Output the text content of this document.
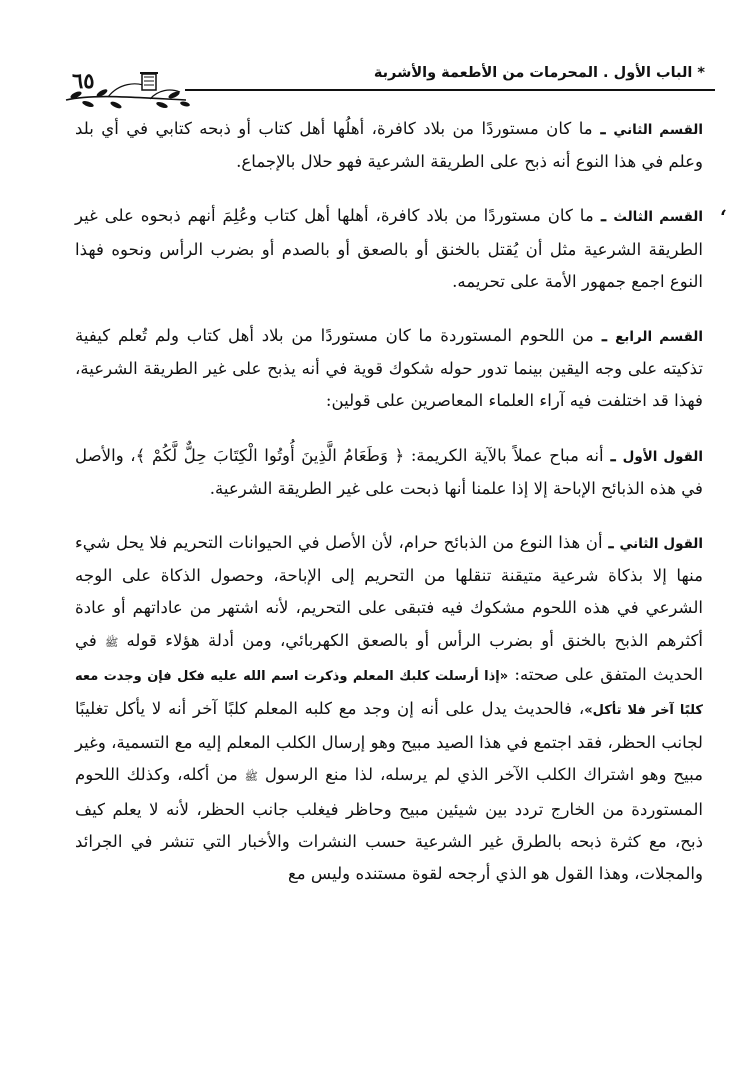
* الباب الأول . المحرمات من الأطعمة والأشربة
٦٥
‘

القسم الثاني ـ ما كان مستوردًا من بلاد كافرة، أهلُها أهل كتاب أو ذبحه كتابي في أي بلد وعلم في هذا النوع أنه ذبح على الطريقة الشرعية فهو حلال بالإجماع.

القسم الثالث ـ ما كان مستوردًا من بلاد كافرة، أهلها أهل كتاب وعُلِمَ أنهم ذبحوه على غير الطريقة الشرعية مثل أن يُقتل بالخنق أو بالصعق أو بالصدم أو بضرب الرأس ونحوه فهذا النوع اجمع جمهور الأمة على تحريمه.

القسم الرابع ـ من اللحوم المستوردة ما كان مستوردًا من بلاد أهل كتاب ولم تُعلم كيفية تذكيته على وجه اليقين بينما تدور حوله شكوك قوية في أنه يذبح على غير الطريقة الشرعية، فهذا قد اختلفت فيه آراء العلماء المعاصرين على قولين:

القول الأول ـ أنه مباح عملاً بالآية الكريمة: ﴿ وَطَعَامُ الَّذِينَ أُوتُوا الْكِتَابَ حِلٌّ لَّكُمْ ﴾، والأصل في هذه الذبائح الإباحة إلا إذا علمنا أنها ذبحت على غير الطريقة الشرعية.

القول الثاني ـ أن هذا النوع من الذبائح حرام، لأن الأصل في الحيوانات التحريم فلا يحل شيء منها إلا بذكاة شرعية متيقنة تنقلها من التحريم إلى الإباحة، وحصول الذكاة على الوجه الشرعي في هذه اللحوم مشكوك فيه فتبقى على التحريم، لأنه اشتهر من عاداتهم أو عادة أكثرهم الذبح بالخنق أو بضرب الرأس أو بالصعق الكهربائي، ومن أدلة هؤلاء قوله ﷺ في الحديث المتفق على صحته: «إذا أرسلت كلبك المعلم وذكرت اسم الله عليه فكل فإن وجدت معه كلبًا آخر فلا تأكل»، فالحديث يدل على أنه إن وجد مع كلبه المعلم كلبًا آخر أنه لا يأكل تغليبًا لجانب الحظر، فقد اجتمع في هذا الصيد مبيح وهو إرسال الكلب المعلم إليه مع التسمية، وغير مبيح وهو اشتراك الكلب الآخر الذي لم يرسله، لذا منع الرسول ﷺ من أكله، وكذلك اللحوم المستوردة من الخارج تردد بين شيئين مبيح وحاظر فيغلب جانب الحظر، لأنه لا يعلم كيف ذبح، مع كثرة ذبحه بالطرق غير الشرعية حسب النشرات والأخبار التي تنشر في الجرائد والمجلات، وهذا القول هو الذي أرجحه لقوة مستنده وليس مع
